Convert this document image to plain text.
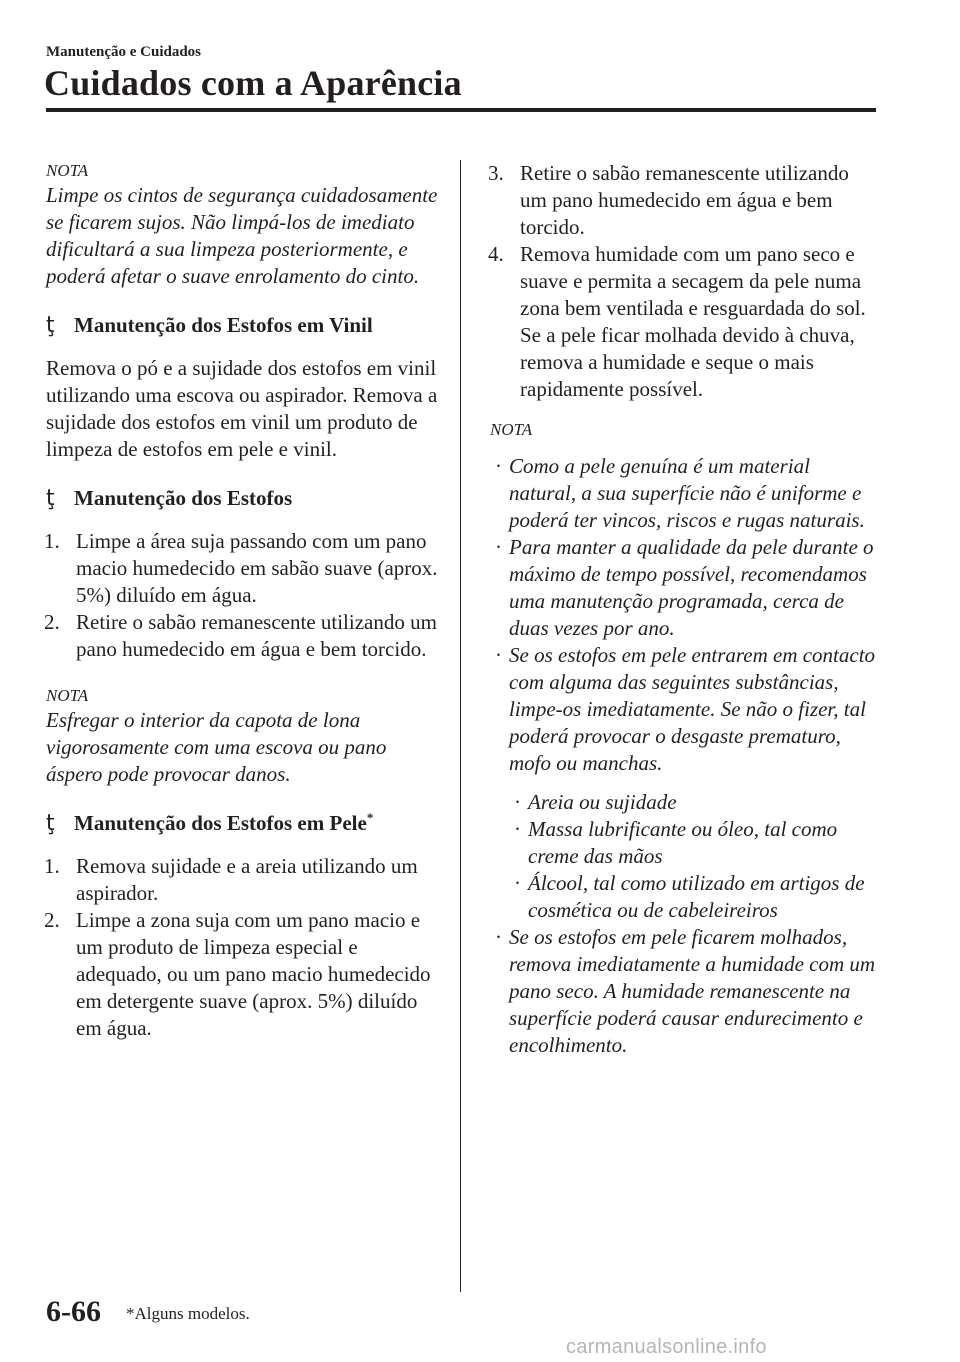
Manutenção e Cuidados
Cuidados com a Aparência

NOTA

Limpe os cintos de segurança cuidadosamente se ficarem sujos. Não limpá-los de imediato dificultará a sua limpeza posteriormente, e poderá afetar o suave enrolamento do cinto.

ţ Manutenção dos Estofos em Vinil

Remova o pó e a sujidade dos estofos em vinil utilizando uma escova ou aspirador. Remova a sujidade dos estofos em vinil um produto de limpeza de estofos em pele e vinil.

ţ Manutenção dos Estofos

1. Limpe a área suja passando com um pano macio humedecido em sabão suave (aprox. 5%) diluído em água.

2. Retire o sabão remanescente utilizando um pano humedecido em água e bem torcido.

NOTA

Esfregar o interior da capota de lona vigorosamente com uma escova ou pano áspero pode provocar danos.

ţ Manutenção dos Estofos em Pele*

1. Remova sujidade e a areia utilizando um aspirador.

2. Limpe a zona suja com um pano macio e um produto de limpeza especial e adequado, ou um pano macio humedecido em detergente suave (aprox. 5%) diluído em água.

3. Retire o sabão remanescente utilizando um pano humedecido em água e bem torcido.

4. Remova humidade com um pano seco e suave e permita a secagem da pele numa zona bem ventilada e resguardada do sol. Se a pele ficar molhada devido à chuva, remova a humidade e seque o mais rapidamente possível.

NOTA

· Como a pele genuína é um material natural, a sua superfície não é uniforme e poderá ter vincos, riscos e rugas naturais.

· Para manter a qualidade da pele durante o máximo de tempo possível, recomendamos uma manutenção programada, cerca de duas vezes por ano.

· Se os estofos em pele entrarem em contacto com alguma das seguintes substâncias, limpe-os imediatamente. Se não o fizer, tal poderá provocar o desgaste prematuro, mofo ou manchas.

· Areia ou sujidade

· Massa lubrificante ou óleo, tal como creme das mãos

· Álcool, tal como utilizado em artigos de cosmética ou de cabeleireiros

· Se os estofos em pele ficarem molhados, remova imediatamente a humidade com um pano seco. A humidade remanescente na superfície poderá causar endurecimento e encolhimento.

6-66 *Alguns modelos.
carmanualsonline.info
